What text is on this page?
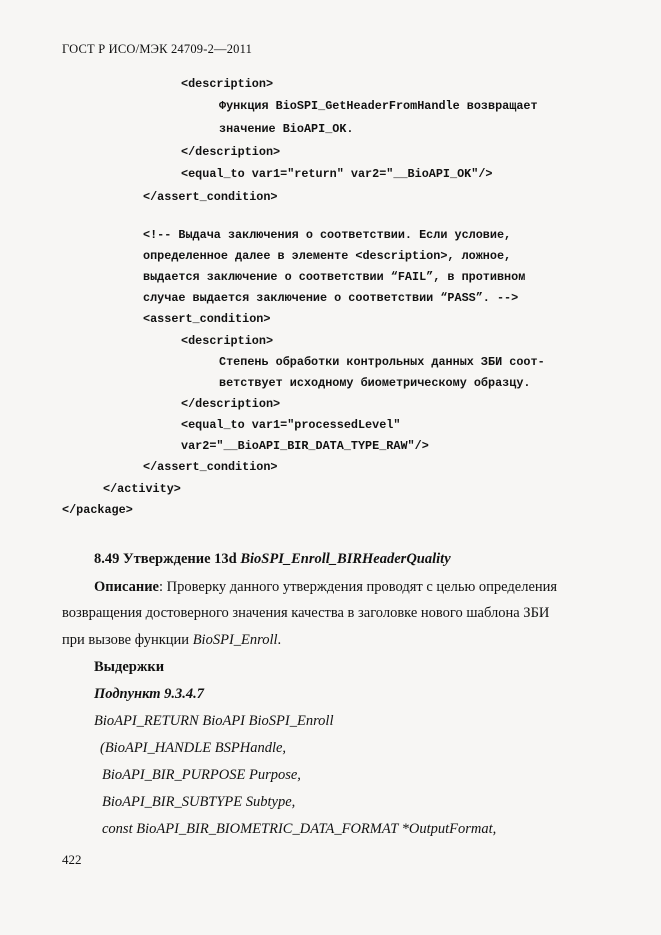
ГОСТ Р ИСО/МЭК 24709-2—2011

<description>

Функция BioSPI_GetHeaderFromHandle возвращает

значение BioAPI_OK.

</description>

<equal_to var1="return" var2="__BioAPI_OK"/>

</assert_condition>

<!-- Выдача заключения о соответствии. Если условие,

определенное далее в элементе <description>, ложное,

выдается заключение о соответствии “FAIL”, в противном

случае выдается заключение о соответствии “PASS”. -->

<assert_condition>

<description>

Степень обработки контрольных данных ЗБИ соот-

ветствует исходному биометрическому образцу.

</description>

<equal_to var1="processedLevel"

var2="__BioAPI_BIR_DATA_TYPE_RAW"/>

</assert_condition>

</activity>

</package>

8.49 Утверждение 13d BioSPI_Enroll_BIRHeaderQuality
Описание: Проверку данного утверждения проводят с целью определения
возвращения достоверного значения качества в заголовке нового шаблона ЗБИ
при вызове функции BioSPI_Enroll.
Выдержки
Подпункт 9.3.4.7
BioAPI_RETURN BioAPI BioSPI_Enroll
(BioAPI_HANDLE BSPHandle,
BioAPI_BIR_PURPOSE Purpose,
BioAPI_BIR_SUBTYPE Subtype,
const BioAPI_BIR_BIOMETRIC_DATA_FORMAT *OutputFormat,
422
